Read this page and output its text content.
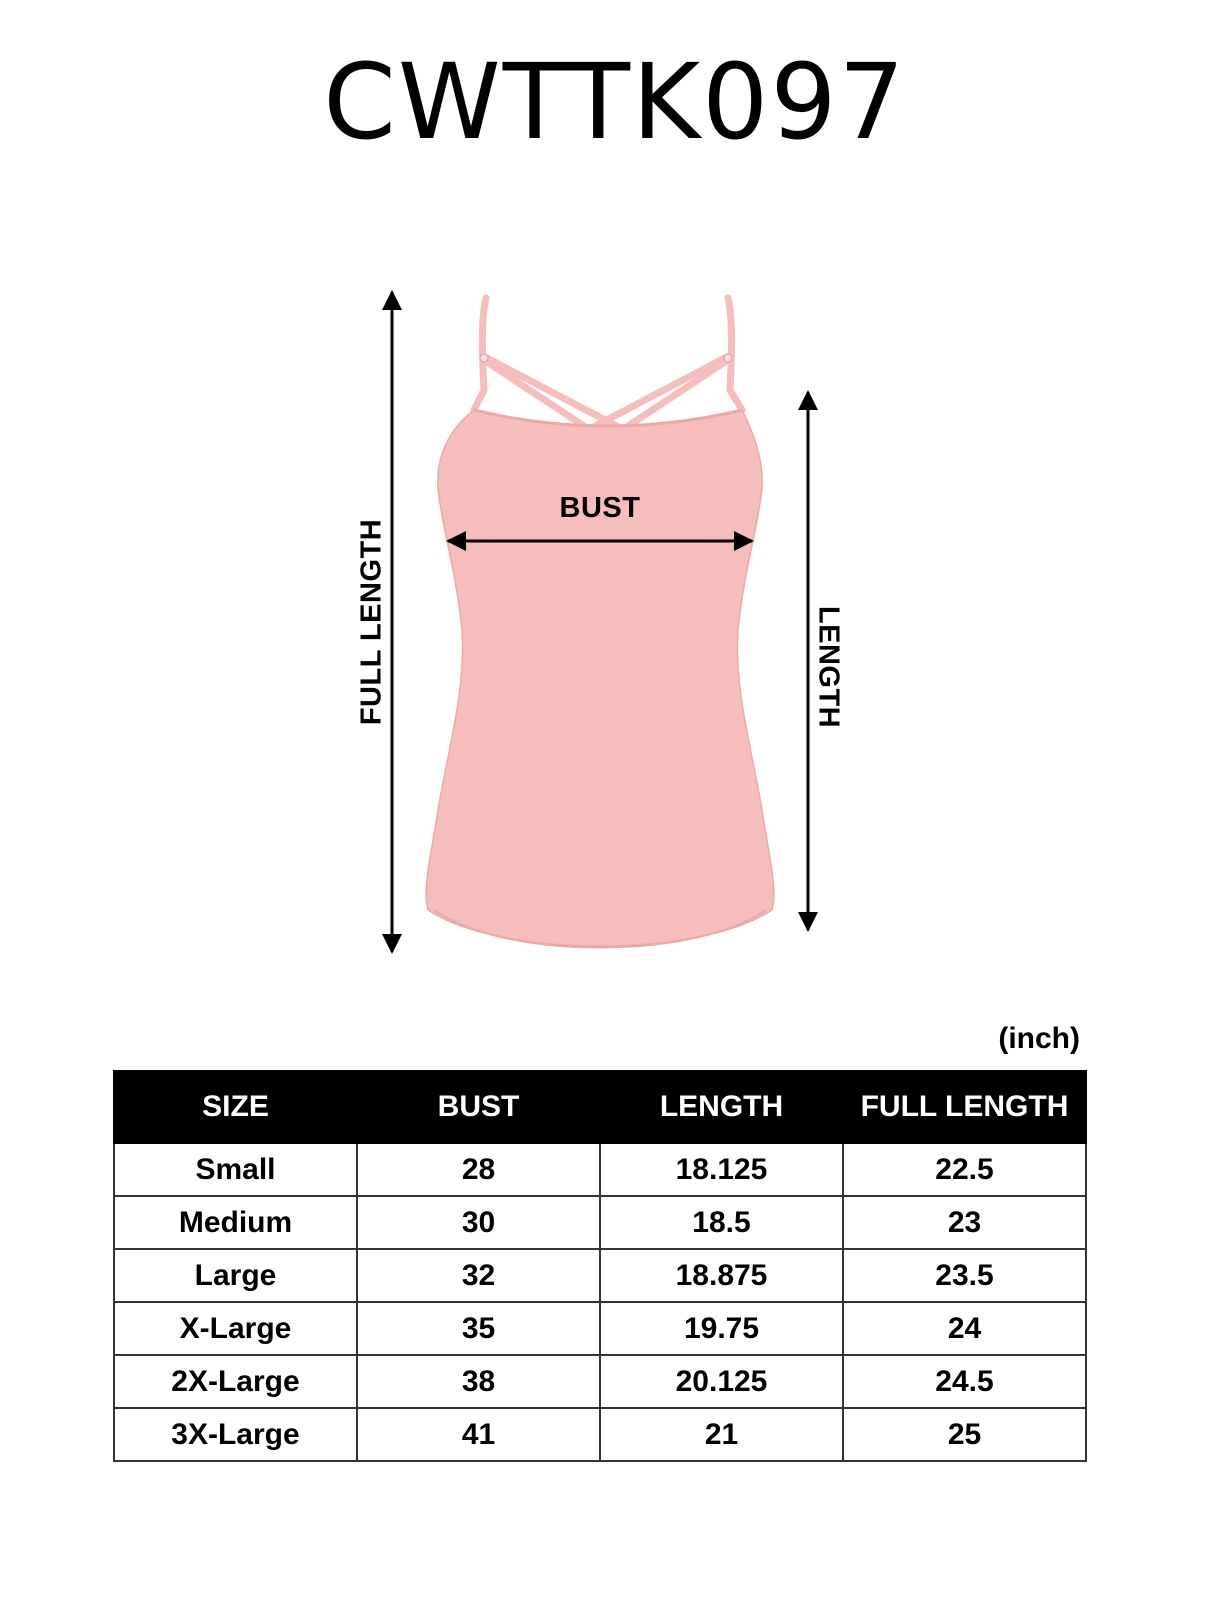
CWTTK097
BUST
FULL LENGTH	LENGTH
(inch)
SIZE	BUST	LENGTH	FULL LENGTH
Small	28	18.125	22.5
Medium	30	18.5	23
Large	32	18.875	23.5
X-Large	35	19.75	24
2X-Large	38	20.125	24.5
3X-Large	41	21	25
